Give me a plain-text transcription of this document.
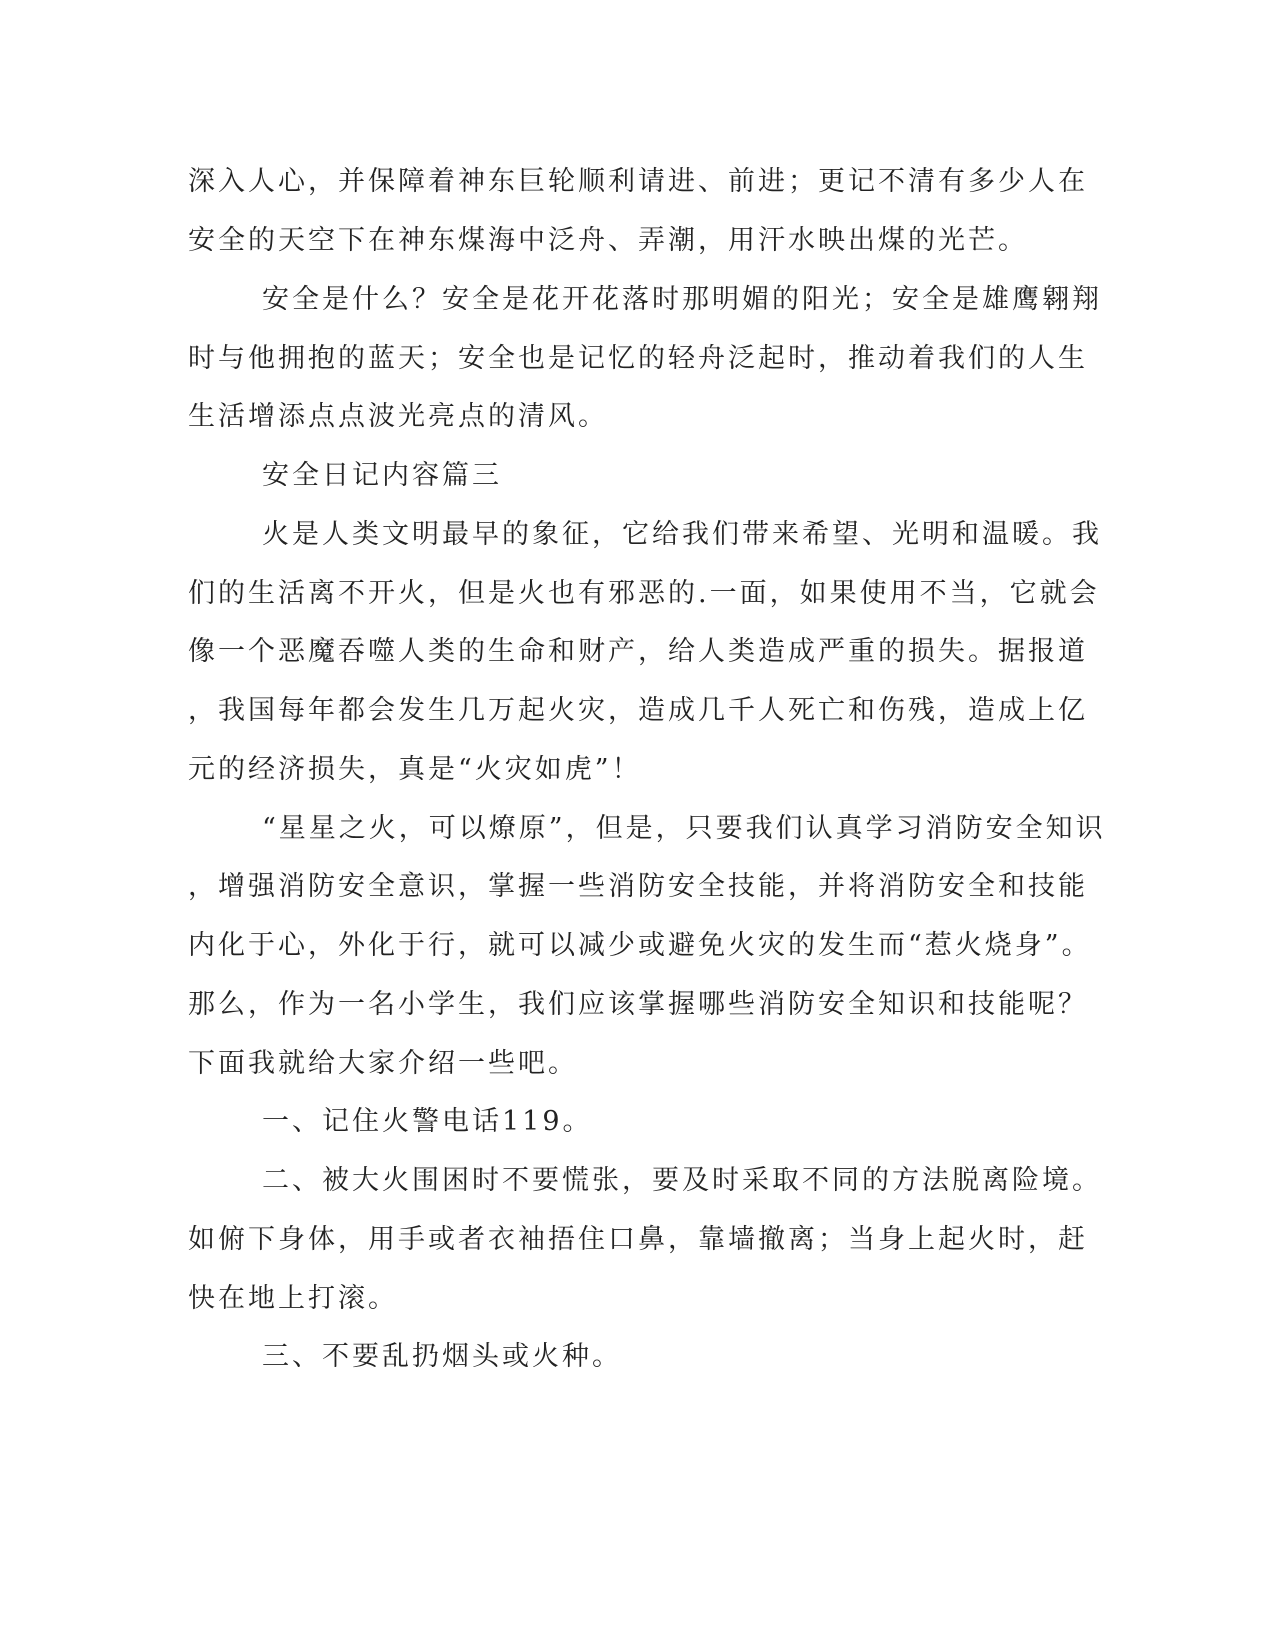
深入人心，并保障着神东巨轮顺利请进、前进；更记不清有多少人在
安全的天空下在神东煤海中泛舟、弄潮，用汗水映出煤的光芒。
安全是什么？安全是花开花落时那明媚的阳光；安全是雄鹰翱翔
时与他拥抱的蓝天；安全也是记忆的轻舟泛起时，推动着我们的人生
生活增添点点波光亮点的清风。
安全日记内容篇三
火是人类文明最早的象征，它给我们带来希望、光明和温暖。我
们的生活离不开火，但是火也有邪恶的.一面，如果使用不当，它就会
像一个恶魔吞噬人类的生命和财产，给人类造成严重的损失。据报道
，我国每年都会发生几万起火灾，造成几千人死亡和伤残，造成上亿
元的经济损失，真是“火灾如虎”！
“星星之火，可以燎原”，但是，只要我们认真学习消防安全知识
，增强消防安全意识，掌握一些消防安全技能，并将消防安全和技能
内化于心，外化于行，就可以减少或避免火灾的发生而“惹火烧身”。
那么，作为一名小学生，我们应该掌握哪些消防安全知识和技能呢？
下面我就给大家介绍一些吧。
一、记住火警电话119。
二、被大火围困时不要慌张，要及时采取不同的方法脱离险境。
如俯下身体，用手或者衣袖捂住口鼻，靠墙撤离；当身上起火时，赶
快在地上打滚。
三、不要乱扔烟头或火种。
